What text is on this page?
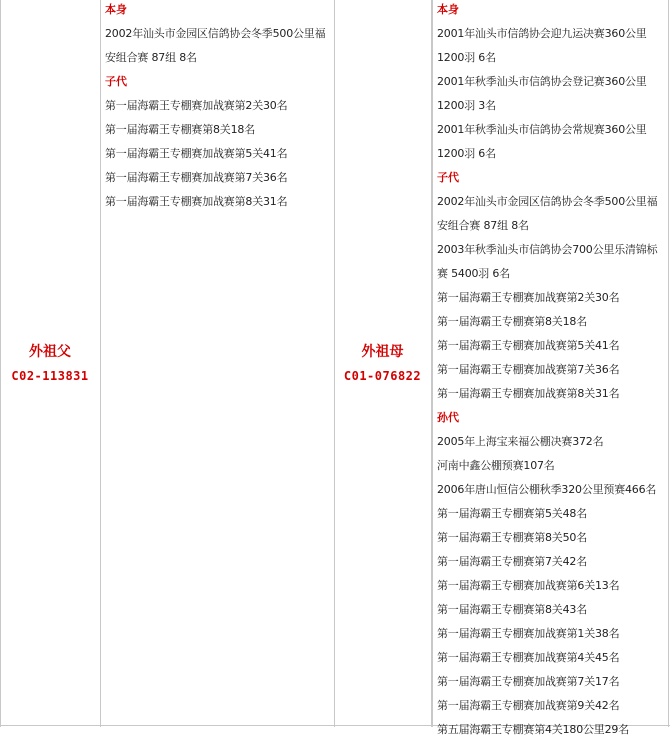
外祖父
C02-113831
本身
2002年汕头市金园区信鸽协会冬季500公里福
安组合赛 87组 8名
子代
第一届海霸王专棚赛加战赛第2关30名
第一届海霸王专棚赛第8关18名
第一届海霸王专棚赛加战赛第5关41名
第一届海霸王专棚赛加战赛第7关36名
第一届海霸王专棚赛加战赛第8关31名
外祖母
C01-076822
本身
2001年汕头市信鸽协会迎九运决赛360公里
1200羽 6名
2001年秋季汕头市信鸽协会登记赛360公里
1200羽 3名
2001年秋季汕头市信鸽协会常规赛360公里
1200羽 6名
子代
2002年汕头市金园区信鸽协会冬季500公里福
安组合赛 87组 8名
2003年秋季汕头市信鸽协会700公里乐清锦标
赛 5400羽 6名
第一届海霸王专棚赛加战赛第2关30名
第一届海霸王专棚赛第8关18名
第一届海霸王专棚赛加战赛第5关41名
第一届海霸王专棚赛加战赛第7关36名
第一届海霸王专棚赛加战赛第8关31名
孙代
2005年上海宝来福公棚决赛372名
河南中鑫公棚预赛107名
2006年唐山恒信公棚秋季320公里预赛466名
第一届海霸王专棚赛第5关48名
第一届海霸王专棚赛第8关50名
第一届海霸王专棚赛第7关42名
第一届海霸王专棚赛加战赛第6关13名
第一届海霸王专棚赛第8关43名
第一届海霸王专棚赛加战赛第1关38名
第一届海霸王专棚赛加战赛第4关45名
第一届海霸王专棚赛加战赛第7关17名
第一届海霸王专棚赛加战赛第9关42名
第五届海霸王专棚赛第4关180公里29名
